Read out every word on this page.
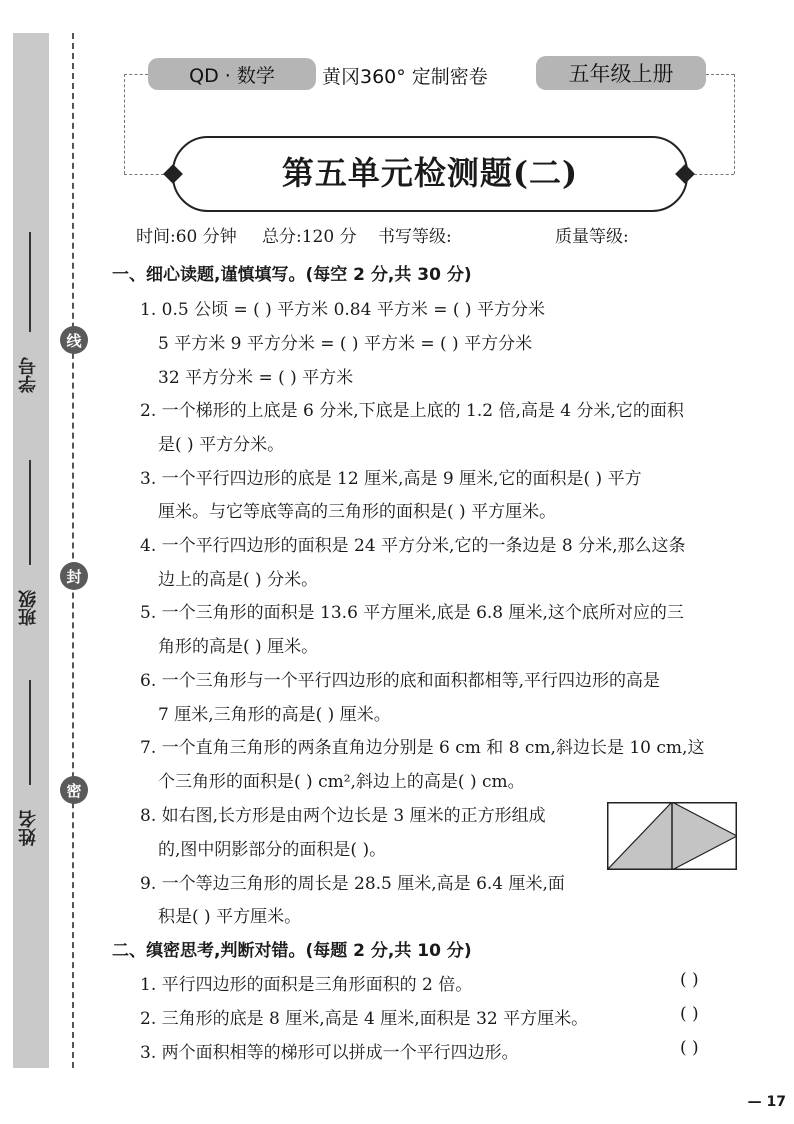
学号
班级
姓名
线
封
密
QD · 数学	黄冈360° 定制密卷	五年级上册
第五单元检测题(二)
时间:60 分钟 总分:120 分 书写等级:	质量等级:
一、细心读题,谨慎填写。(每空 2 分,共 30 分)
1. 0.5 公顷 = ( ) 平方米 0.84 平方米 = ( ) 平方分米
5 平方米 9 平方分米 = ( ) 平方米 = ( ) 平方分米
32 平方分米 = ( ) 平方米
2. 一个梯形的上底是 6 分米,下底是上底的 1.2 倍,高是 4 分米,它的面积
是( ) 平方分米。
3. 一个平行四边形的底是 12 厘米,高是 9 厘米,它的面积是( ) 平方
厘米。与它等底等高的三角形的面积是( ) 平方厘米。
4. 一个平行四边形的面积是 24 平方分米,它的一条边是 8 分米,那么这条
边上的高是( ) 分米。
5. 一个三角形的面积是 13.6 平方厘米,底是 6.8 厘米,这个底所对应的三
角形的高是( ) 厘米。
6. 一个三角形与一个平行四边形的底和面积都相等,平行四边形的高是
7 厘米,三角形的高是( ) 厘米。
7. 一个直角三角形的两条直角边分别是 6 cm 和 8 cm,斜边长是 10 cm,这
个三角形的面积是( ) cm²,斜边上的高是( ) cm。
8. 如右图,长方形是由两个边长是 3 厘米的正方形组成
的,图中阴影部分的面积是( )。
9. 一个等边三角形的周长是 28.5 厘米,高是 6.4 厘米,面
积是( ) 平方厘米。
二、缜密思考,判断对错。(每题 2 分,共 10 分)
1. 平行四边形的面积是三角形面积的 2 倍。	( )
2. 三角形的底是 8 厘米,高是 4 厘米,面积是 32 平方厘米。	( )
3. 两个面积相等的梯形可以拼成一个平行四边形。	( )
— 17
